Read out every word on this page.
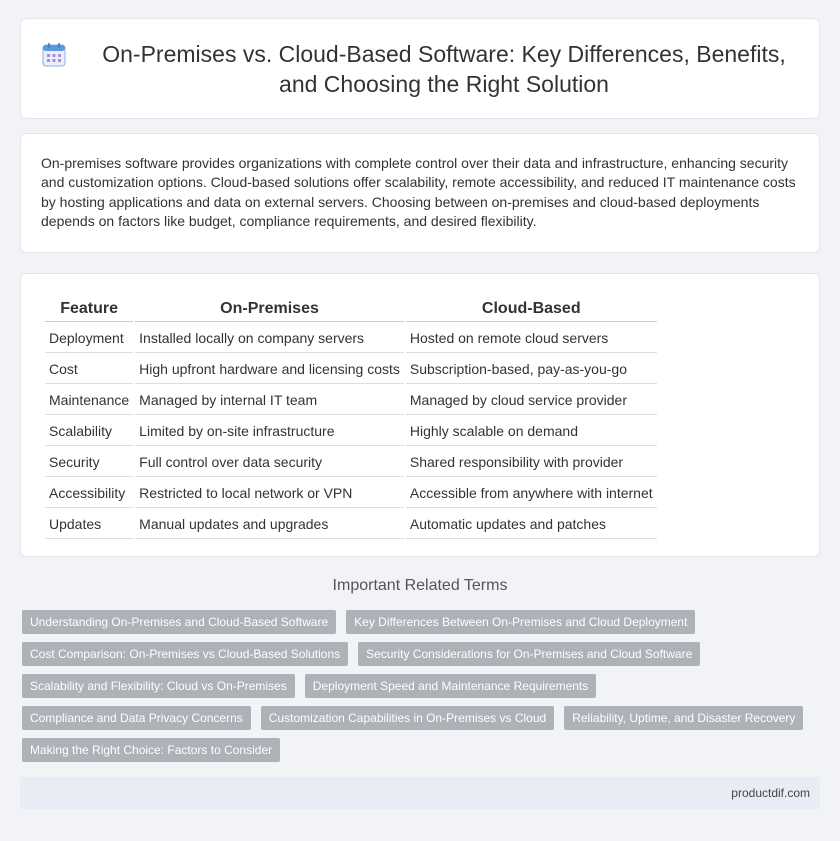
On-Premises vs. Cloud-Based Software: Key Differences, Benefits, and Choosing the Right Solution

On-premises software provides organizations with complete control over their data and infrastructure, enhancing security and customization options. Cloud-based solutions offer scalability, remote accessibility, and reduced IT maintenance costs by hosting applications and data on external servers. Choosing between on-premises and cloud-based deployments depends on factors like budget, compliance requirements, and desired flexibility.

Feature	On-Premises	Cloud-Based
Deployment	Installed locally on company servers	Hosted on remote cloud servers
Cost	High upfront hardware and licensing costs	Subscription-based, pay-as-you-go
Maintenance	Managed by internal IT team	Managed by cloud service provider
Scalability	Limited by on-site infrastructure	Highly scalable on demand
Security	Full control over data security	Shared responsibility with provider
Accessibility	Restricted to local network or VPN	Accessible from anywhere with internet
Updates	Manual updates and upgrades	Automatic updates and patches
Important Related Terms
Understanding On-Premises and Cloud-Based Software	Key Differences Between On-Premises and Cloud Deployment
Cost Comparison: On-Premises vs Cloud-Based Solutions	Security Considerations for On-Premises and Cloud Software
Scalability and Flexibility: Cloud vs On-Premises	Deployment Speed and Maintenance Requirements
Compliance and Data Privacy Concerns	Customization Capabilities in On-Premises vs Cloud	Reliability, Uptime, and Disaster Recovery
Making the Right Choice: Factors to Consider
productdif.com
